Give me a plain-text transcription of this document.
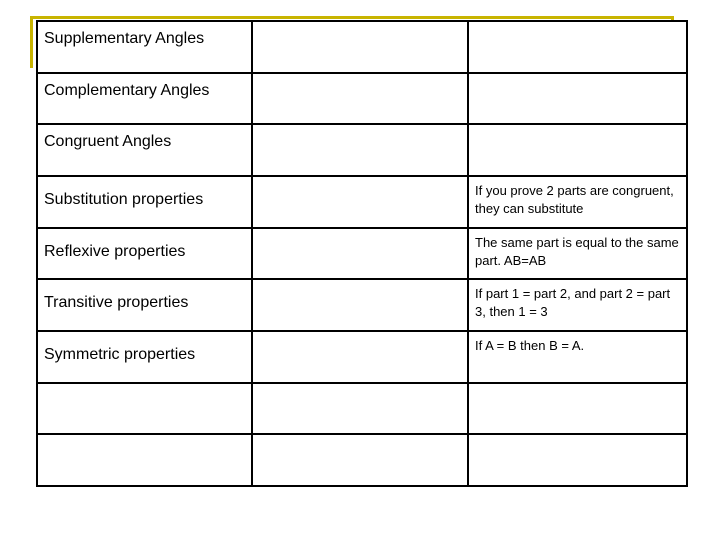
Supplementary Angles		

Complementary Angles		

Congruent Angles		

Substitution properties		If you prove 2 parts are congruent, they can substitute

Reflexive properties		The same part is equal to the same part. AB=AB

Transitive properties		If part 1 = part 2, and part 2 = part 3, then 1 = 3

Symmetric properties		If A = B then B = A.
